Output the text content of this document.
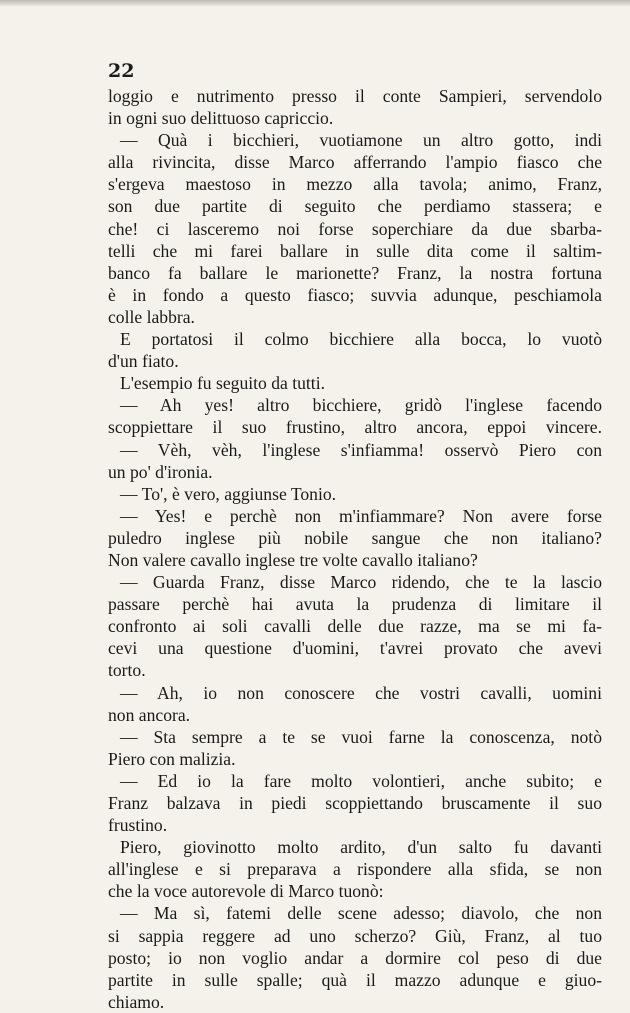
22
loggio e nutrimento presso il conte Sampieri, servendolo
in ogni suo delittuoso capriccio.
— Quà i bicchieri, vuotiamone un altro gotto, indi
alla rivincita, disse Marco afferrando l'ampio fiasco che
s'ergeva maestoso in mezzo alla tavola; animo, Franz,
son due partite di seguito che perdiamo stassera; e
che! ci lasceremo noi forse soperchiare da due sbarba-
telli che mi farei ballare in sulle dita come il saltim-
banco fa ballare le marionette? Franz, la nostra fortuna
è in fondo a questo fiasco; suvvia adunque, peschiamola
colle labbra.
E portatosi il colmo bicchiere alla bocca, lo vuotò
d'un fiato.
L'esempio fu seguito da tutti.
— Ah yes! altro bicchiere, gridò l'inglese facendo
scoppiettare il suo frustino, altro ancora, eppoi vincere.
— Vèh, vèh, l'inglese s'infiamma! osservò Piero con
un po' d'ironia.
— To', è vero, aggiunse Tonio.
— Yes! e perchè non m'infiammare? Non avere forse
puledro inglese più nobile sangue che non italiano?
Non valere cavallo inglese tre volte cavallo italiano?
— Guarda Franz, disse Marco ridendo, che te la lascio
passare perchè hai avuta la prudenza di limitare il
confronto ai soli cavalli delle due razze, ma se mi fa-
cevi una questione d'uomini, t'avrei provato che avevi
torto.
— Ah, io non conoscere che vostri cavalli, uomini
non ancora.
— Sta sempre a te se vuoi farne la conoscenza, notò
Piero con malizia.
— Ed io la fare molto volontieri, anche subito; e
Franz balzava in piedi scoppiettando bruscamente il suo
frustino.
Piero, giovinotto molto ardito, d'un salto fu davanti
all'inglese e si preparava a rispondere alla sfida, se non
che la voce autorevole di Marco tuonò:
— Ma sì, fatemi delle scene adesso; diavolo, che non
si sappia reggere ad uno scherzo? Giù, Franz, al tuo
posto; io non voglio andar a dormire col peso di due
partite in sulle spalle; quà il mazzo adunque e giuo-
chiamo.
